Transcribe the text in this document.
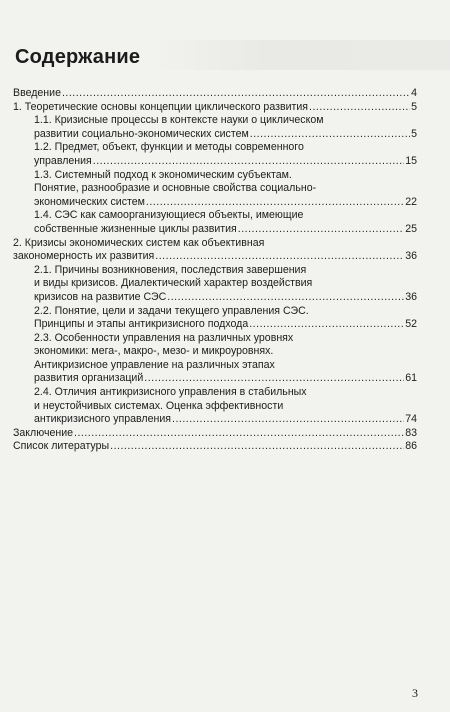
Содержание
Введение .....	4
1. Теоретические основы концепции циклического развития .....	5
1.1. Кризисные процессы в контексте науки о циклическом
развитии социально-экономических систем .....	5
1.2. Предмет, объект, функции и методы современного
управления .....	15
1.3. Системный подход к экономическим субъектам.
Понятие, разнообразие и основные свойства социально-
экономических систем .....	22
1.4. СЭС как самоорганизующиеся объекты, имеющие
собственные жизненные циклы развития .....	25
2. Кризисы экономических систем как объективная
закономерность их развития .....	36
2.1. Причины возникновения, последствия завершения
и виды кризисов. Диалектический характер воздействия
кризисов на развитие СЭС .....	36
2.2. Понятие, цели и задачи текущего управления СЭС.
Принципы и этапы антикризисного подхода .....	52
2.3. Особенности управления на различных уровнях
экономики: мега-, макро-, мезо- и микроуровнях.
Антикризисное управление на различных этапах
развития организаций .....	61
2.4. Отличия антикризисного управления в стабильных
и неустойчивых системах. Оценка эффективности
антикризисного управления .....	74
Заключение .....	83
Список литературы .....	86
3
